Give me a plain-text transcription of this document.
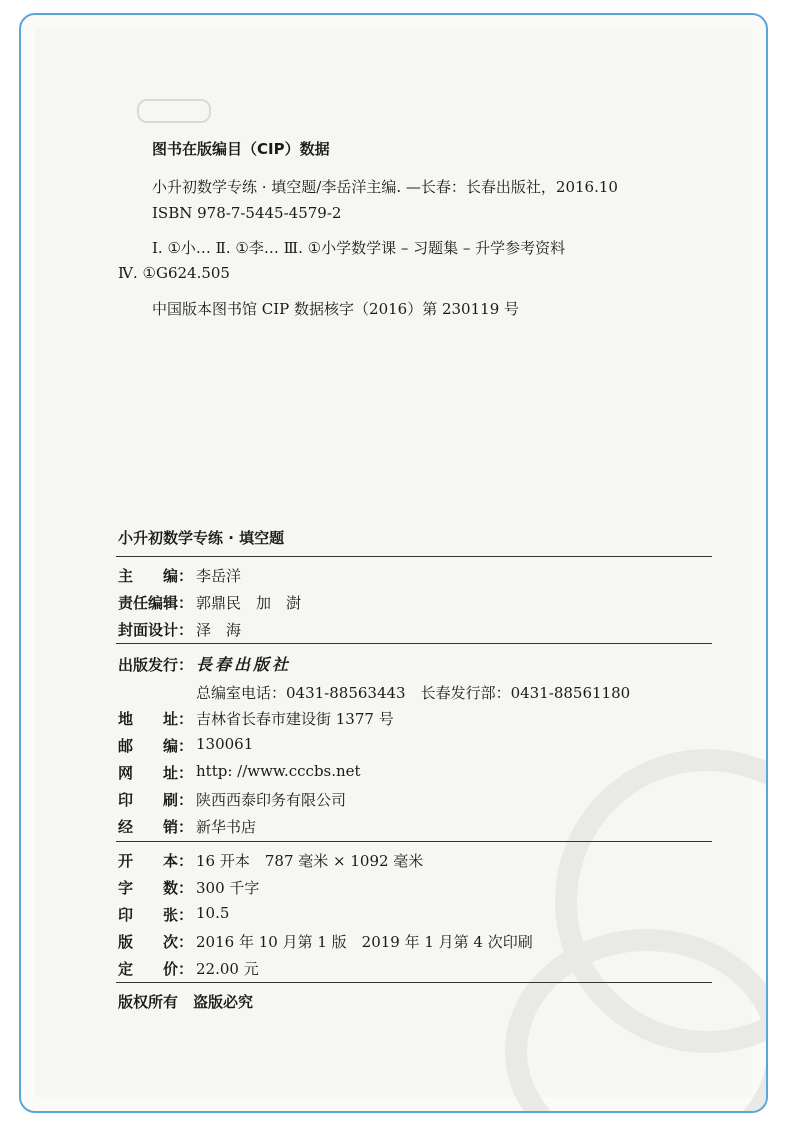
图书在版编目（CIP）数据
小升初数学专练 · 填空题/李岳洋主编. —长春：长春出版社，2016.10
ISBN 978-7-5445-4579-2
Ⅰ. ①小… Ⅱ. ①李… Ⅲ. ①小学数学课 – 习题集 – 升学参考资料
Ⅳ. ①G624.505
中国版本图书馆 CIP 数据核字（2016）第 230119 号
小升初数学专练 · 填空题
主　　编： 李岳洋
责任编辑： 郭鼎民　加　澍
封面设计： 泽　海
出版发行： 長春出版社
总编室电话：0431-88563443　长春发行部：0431-88561180
地　　址： 吉林省长春市建设街 1377 号
邮　　编： 130061
网　　址： http: //www.cccbs.net
印　　刷： 陕西西泰印务有限公司
经　　销： 新华书店
开　　本： 16 开本　787 毫米 × 1092 毫米
字　　数： 300 千字
印　　张： 10.5
版　　次： 2016 年 10 月第 1 版　2019 年 1 月第 4 次印刷
定　　价： 22.00 元
版权所有　盗版必究
